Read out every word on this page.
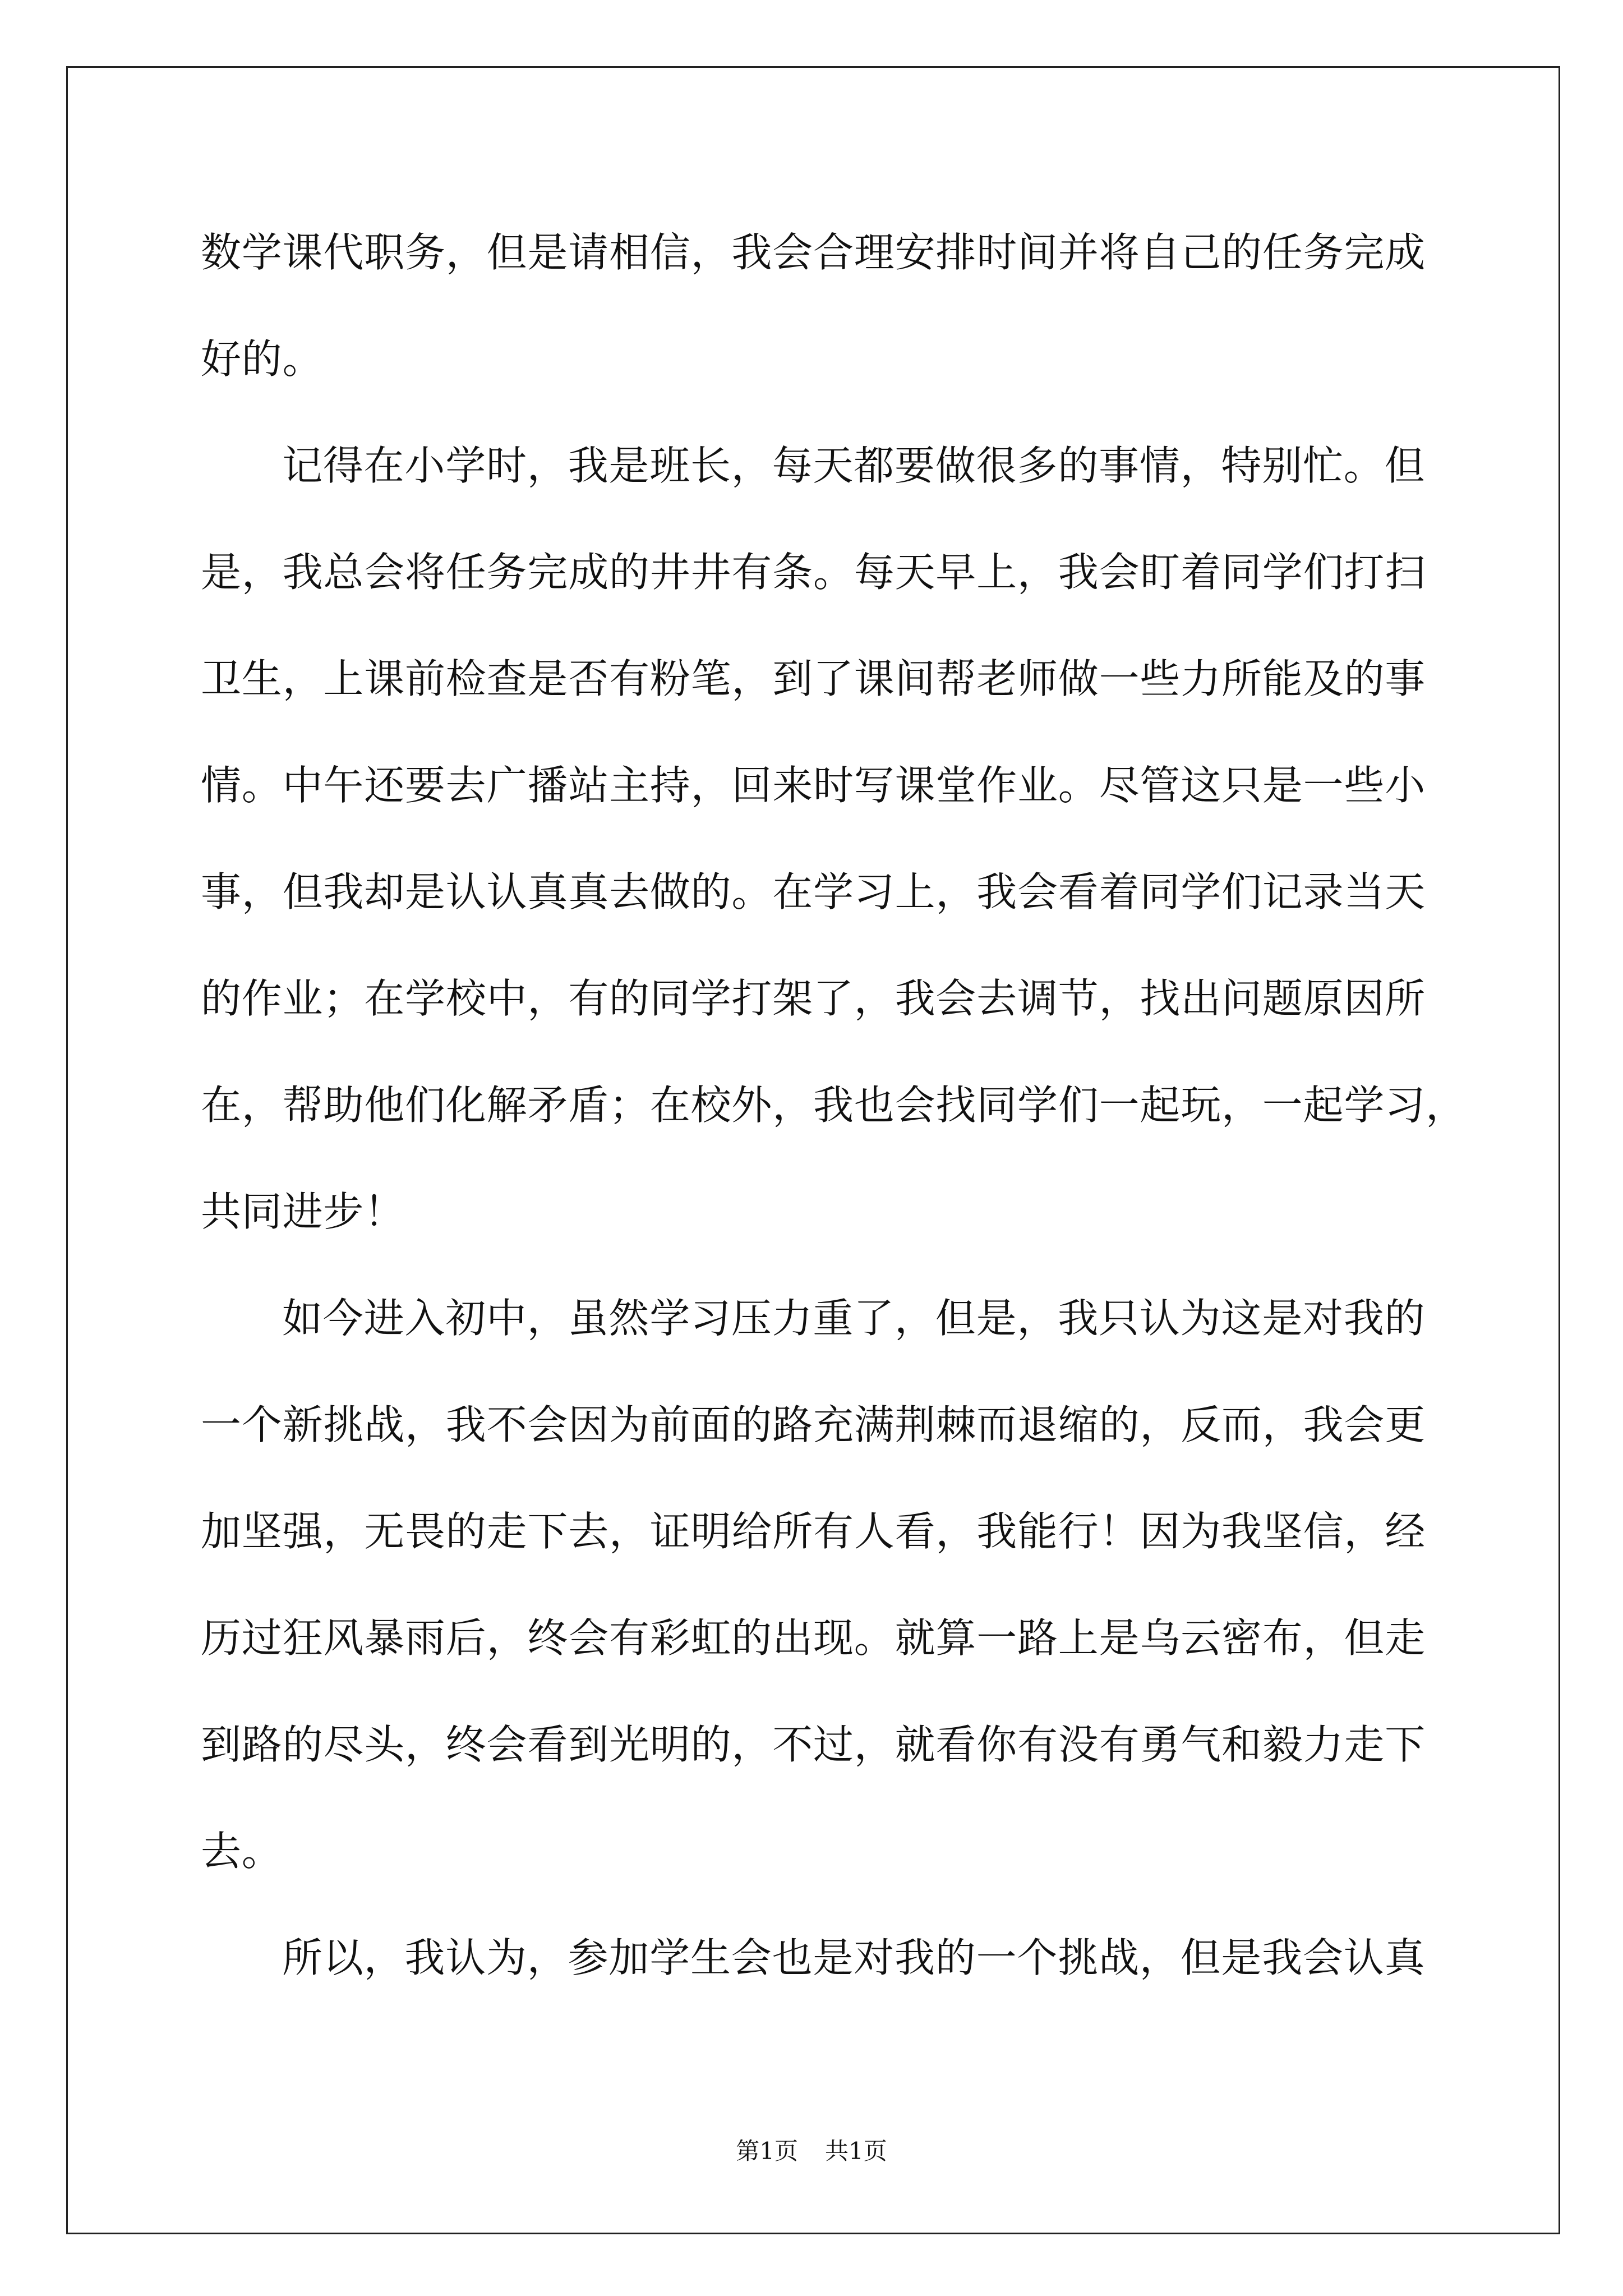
数学课代职务，但是请相信，我会合理安排时间并将自己的任务完成
好的。
记得在小学时，我是班长，每天都要做很多的事情，特别忙。但
是，我总会将任务完成的井井有条。每天早上，我会盯着同学们打扫
卫生，上课前检查是否有粉笔，到了课间帮老师做一些力所能及的事
情。中午还要去广播站主持，回来时写课堂作业。尽管这只是一些小
事，但我却是认认真真去做的。在学习上，我会看着同学们记录当天
的作业；在学校中，有的同学打架了，我会去调节，找出问题原因所
在，帮助他们化解矛盾；在校外，我也会找同学们一起玩，一起学习，
共同进步！
如今进入初中，虽然学习压力重了，但是，我只认为这是对我的
一个新挑战，我不会因为前面的路充满荆棘而退缩的，反而，我会更
加坚强，无畏的走下去，证明给所有人看，我能行！因为我坚信，经
历过狂风暴雨后，终会有彩虹的出现。就算一路上是乌云密布，但走
到路的尽头，终会看到光明的，不过，就看你有没有勇气和毅力走下
去。
所以，我认为，参加学生会也是对我的一个挑战，但是我会认真
第1页 共1页
